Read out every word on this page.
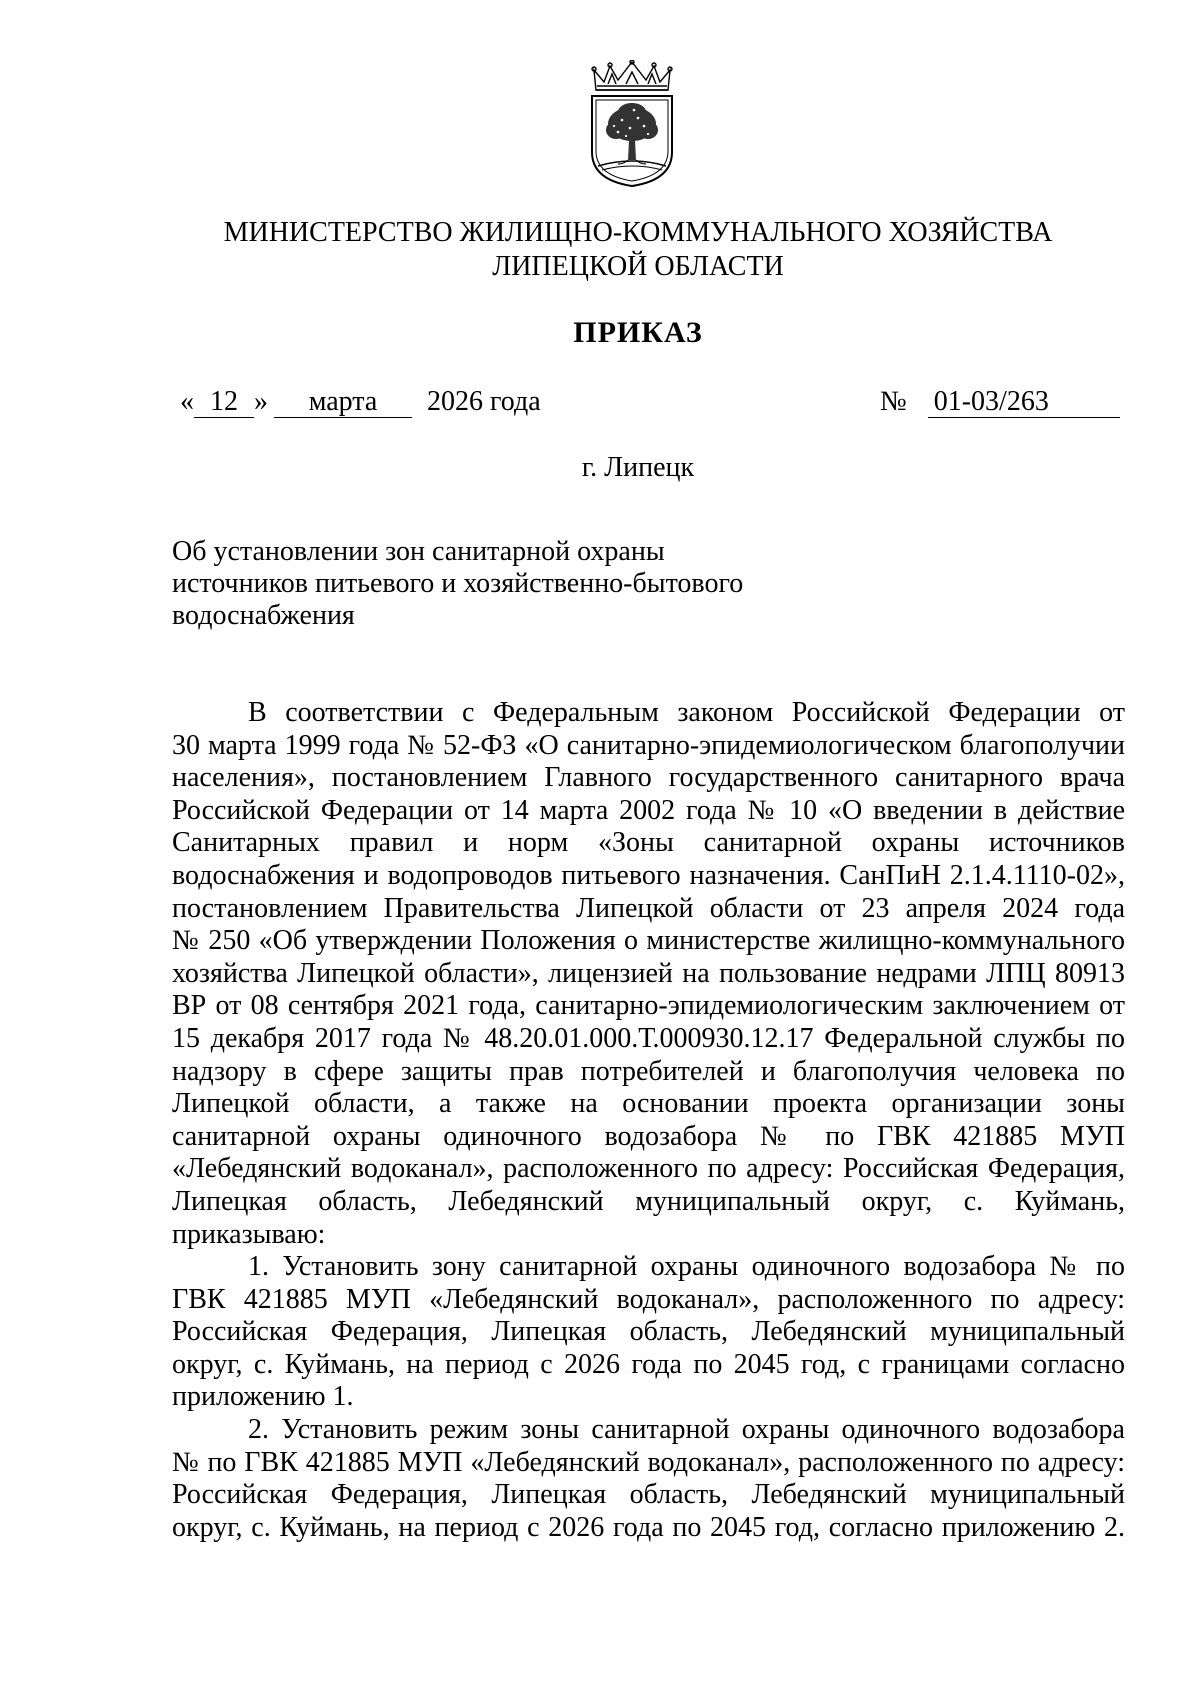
МИНИСТЕРСТВО ЖИЛИЩНО-КОММУНАЛЬНОГО ХОЗЯЙСТВА
ЛИПЕЦКОЙ ОБЛАСТИ
ПРИКАЗ
« 12 » марта 2026 года	№ 01-03/263
г. Липецк
Об установлении зон санитарной охраны
источников питьевого и хозяйственно-бытового
водоснабжения

В соответствии с Федеральным законом Российской Федерации от
30 марта 1999 года № 52-ФЗ «О санитарно-эпидемиологическом благополучии
населения», постановлением Главного государственного санитарного врача
Российской Федерации от 14 марта 2002 года № 10 «О введении в действие
Санитарных правил и норм «Зоны санитарной охраны источников
водоснабжения и водопроводов питьевого назначения. СанПиН 2.1.4.1110-02»,
постановлением Правительства Липецкой области от 23 апреля 2024 года
№ 250 «Об утверждении Положения о министерстве жилищно-коммунального
хозяйства Липецкой области», лицензией на пользование недрами ЛПЦ 80913
ВР от 08 сентября 2021 года, санитарно-эпидемиологическим заключением от
15 декабря 2017 года № 48.20.01.000.Т.000930.12.17 Федеральной службы по
надзору в сфере защиты прав потребителей и благополучия человека по
Липецкой области, а также на основании проекта организации зоны
санитарной охраны одиночного водозабора № по ГВК 421885 МУП
«Лебедянский водоканал», расположенного по адресу: Российская Федерация,
Липецкая область, Лебедянский муниципальный округ, с. Куймань,
приказываю:

1. Установить зону санитарной охраны одиночного водозабора № по
ГВК 421885 МУП «Лебедянский водоканал», расположенного по адресу:
Российская Федерация, Липецкая область, Лебедянский муниципальный
округ, с. Куймань, на период с 2026 года по 2045 год, с границами согласно
приложению 1.

2. Установить режим зоны санитарной охраны одиночного водозабора
№ по ГВК 421885 МУП «Лебедянский водоканал», расположенного по адресу:
Российская Федерация, Липецкая область, Лебедянский муниципальный
округ, с. Куймань, на период с 2026 года по 2045 год, согласно приложению 2.
